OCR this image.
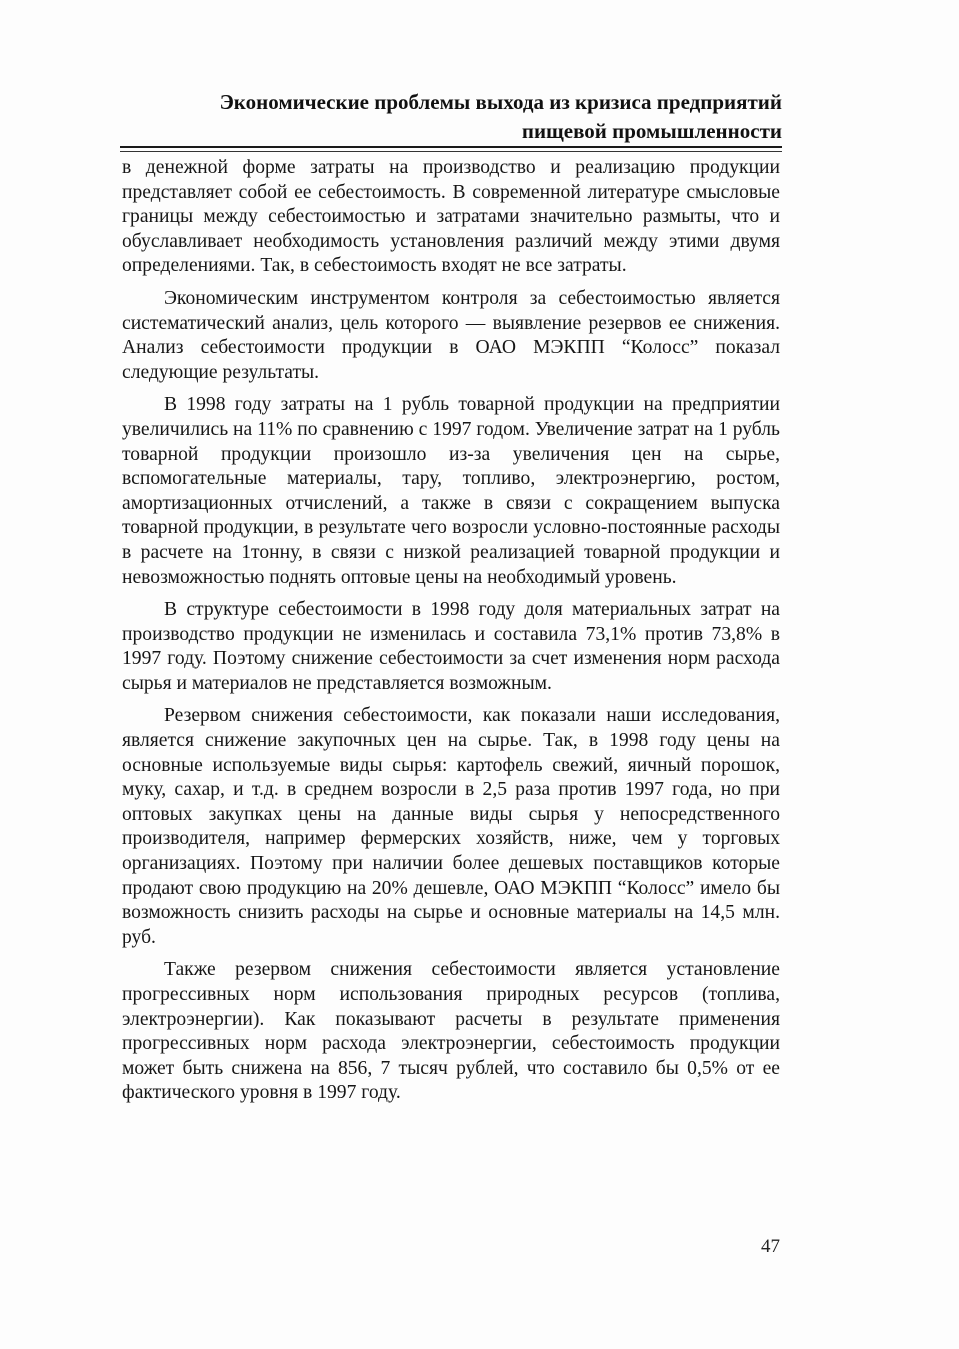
Экономические проблемы выхода из кризиса предприятий
пищевой промышленности

в денежной форме затраты на производство и реализацию продукции представляет собой ее себестоимость. В современной литературе смысловые границы между себестоимостью и затратами значительно размыты, что и обуславливает необходимость установления различий между этими двумя определениями. Так, в себестоимость входят не все затраты.

Экономическим инструментом контроля за себестоимостью является систематический анализ, цель которого — выявление резервов ее снижения. Анализ себестоимости продукции в ОАО МЭКПП “Колосс” показал следующие результаты.

В 1998 году затраты на 1 рубль товарной продукции на предприятии увеличились на 11% по сравнению с 1997 годом. Увеличение затрат на 1 рубль товарной продукции произошло из-за увеличения цен на сырье, вспомогательные материалы, тару, топливо, электроэнергию, ростом, амортизационных отчислений, а также в связи с сокращением выпуска товарной продукции, в результате чего возросли условно-постоянные расходы в расчете на 1тонну, в связи с низкой реализацией товарной продукции и невозможностью поднять оптовые цены на необходимый уровень.

В структуре себестоимости в 1998 году доля материальных затрат на производство продукции не изменилась и составила 73,1% против 73,8% в 1997 году. Поэтому снижение себестоимости за счет изменения норм расхода сырья и материалов не представляется возможным.

Резервом снижения себестоимости, как показали наши исследования, является снижение закупочных цен на сырье. Так, в 1998 году цены на основные используемые виды сырья: картофель свежий, яичный порошок, муку, сахар, и т.д. в среднем возросли в 2,5 раза против 1997 года, но при оптовых закупках цены на данные виды сырья у непосредственного производителя, например фермерских хозяйств, ниже, чем у торговых организациях. Поэтому при наличии более дешевых поставщиков которые продают свою продукцию на 20% дешевле, ОАО МЭКПП “Колосс” имело бы возможность снизить расходы на сырье и основные материалы на 14,5 млн. руб.

Также резервом снижения себестоимости является установление прогрессивных норм использования природных ресурсов (топлива, электроэнергии). Как показывают расчеты в результате применения прогрессивных норм расхода электроэнергии, себестоимость продукции может быть снижена на 856, 7 тысяч рублей, что составило бы 0,5% от ее фактического уровня в 1997 году.

47
